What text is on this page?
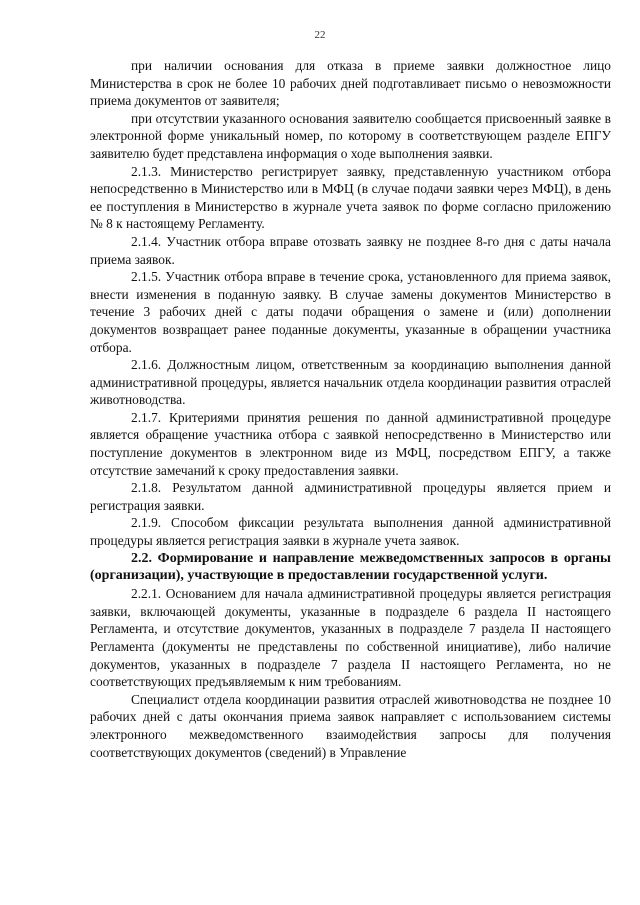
22

при наличии основания для отказа в приеме заявки должностное лицо Министерства в срок не более 10 рабочих дней подготавливает письмо о невозможности приема документов от заявителя;

при отсутствии указанного основания заявителю сообщается присвоенный заявке в электронной форме уникальный номер, по которому в соответствующем разделе ЕПГУ заявителю будет представлена информация о ходе выполнения заявки.

2.1.3. Министерство регистрирует заявку, представленную участником отбора непосредственно в Министерство или в МФЦ (в случае подачи заявки через МФЦ), в день ее поступления в Министерство в журнале учета заявок по форме согласно приложению № 8 к настоящему Регламенту.

2.1.4. Участник отбора вправе отозвать заявку не позднее 8-го дня с даты начала приема заявок.

2.1.5. Участник отбора вправе в течение срока, установленного для приема заявок, внести изменения в поданную заявку. В случае замены документов Министерство в течение 3 рабочих дней с даты подачи обращения о замене и (или) дополнении документов возвращает ранее поданные документы, указанные в обращении участника отбора.

2.1.6. Должностным лицом, ответственным за координацию выполнения данной административной процедуры, является начальник отдела координации развития отраслей животноводства.

2.1.7. Критериями принятия решения по данной административной процедуре является обращение участника отбора с заявкой непосредственно в Министерство или поступление документов в электронном виде из МФЦ, посредством ЕПГУ, а также отсутствие замечаний к сроку предоставления заявки.

2.1.8. Результатом данной административной процедуры является прием и регистрация заявки.

2.1.9. Способом фиксации результата выполнения данной административной процедуры является регистрация заявки в журнале учета заявок.

2.2. Формирование и направление межведомственных запросов в органы (организации), участвующие в предоставлении государственной услуги.

2.2.1. Основанием для начала административной процедуры является регистрация заявки, включающей документы, указанные в подразделе 6 раздела II настоящего Регламента, и отсутствие документов, указанных в подразделе 7 раздела II настоящего Регламента (документы не представлены по собственной инициативе), либо наличие документов, указанных в подразделе 7 раздела II настоящего Регламента, но не соответствующих предъявляемым к ним требованиям.

Специалист отдела координации развития отраслей животноводства не позднее 10 рабочих дней с даты окончания приема заявок направляет с использованием системы электронного межведомственного взаимодействия запросы для получения соответствующих документов (сведений) в Управление
